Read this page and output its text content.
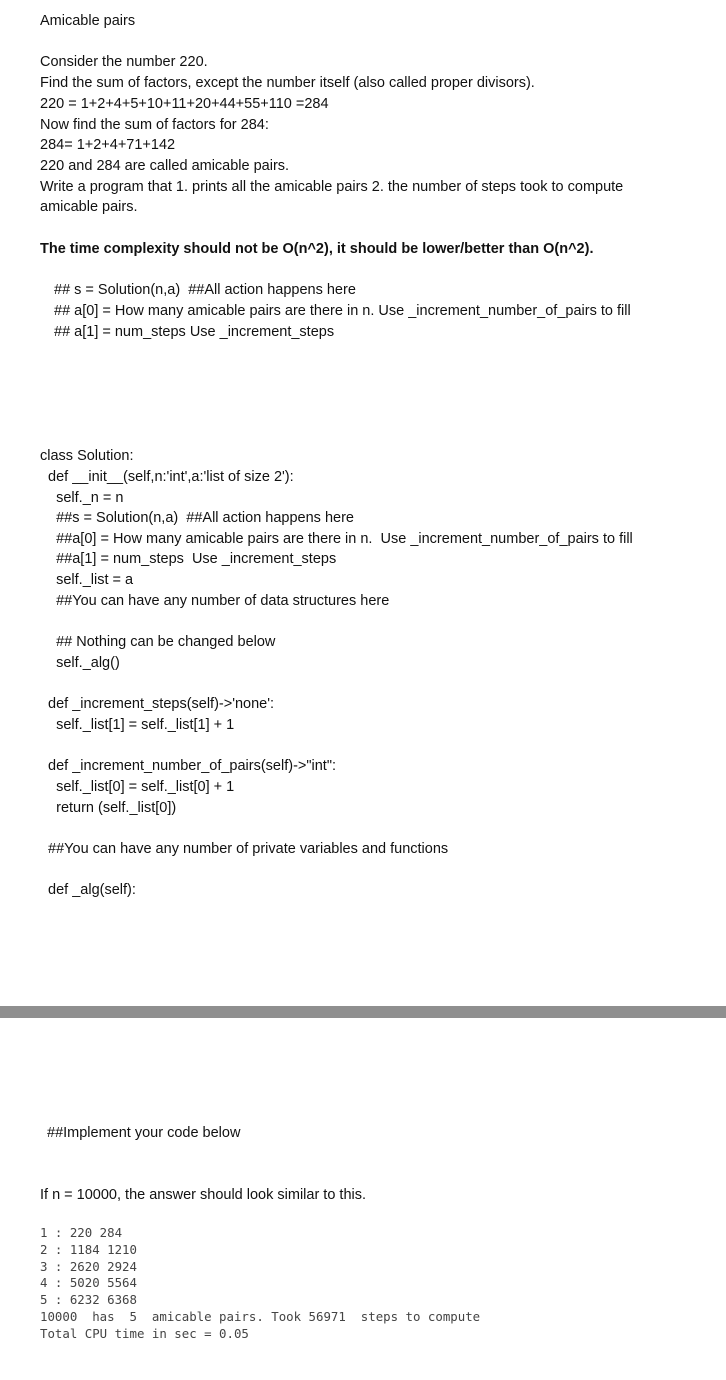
Amicable pairs
Consider the number 220.
Find the sum of factors, except the number itself (also called proper divisors).
220 = 1+2+4+5+10+11+20+44+55+110 =284
Now find the sum of factors for 284:
284= 1+2+4+71+142
220 and 284 are called amicable pairs.
Write a program that 1. prints all the amicable pairs 2. the number of steps took to compute
amicable pairs.
The time complexity should not be O(n^2), it should be lower/better than O(n^2).
## s = Solution(n,a)  ##All action happens here
## a[0] = How many amicable pairs are there in n. Use _increment_number_of_pairs to fill
## a[1] = num_steps Use _increment_steps
class Solution:
def __init__(self,n:'int',a:'list of size 2'):
self._n = n
##s = Solution(n,a)  ##All action happens here
##a[0] = How many amicable pairs are there in n.  Use _increment_number_of_pairs to fill
##a[1] = num_steps  Use _increment_steps
self._list = a
##You can have any number of data structures here
## Nothing can be changed below
self._alg()
def _increment_steps(self)->'none':
self._list[1] = self._list[1] + 1
def _increment_number_of_pairs(self)->"int":
self._list[0] = self._list[0] + 1
return (self._list[0])
##You can have any number of private variables and functions
def _alg(self):
##Implement your code below
If n = 10000, the answer should look similar to this.
1 : 220 284
2 : 1184 1210
3 : 2620 2924
4 : 5020 5564
5 : 6232 6368
10000  has  5  amicable pairs. Took 56971  steps to compute
Total CPU time in sec = 0.05
